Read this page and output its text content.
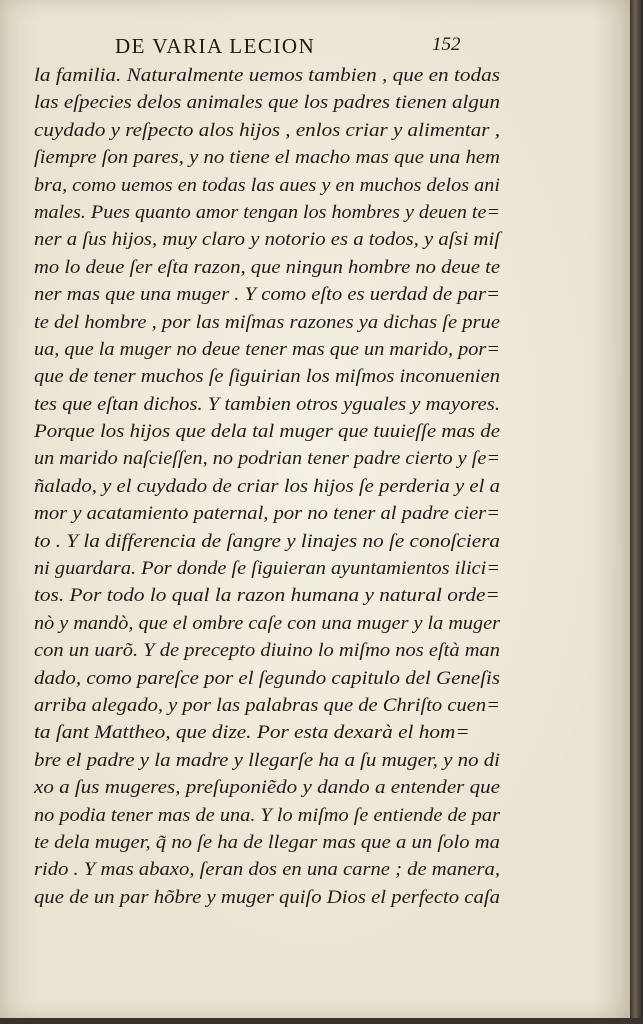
DE VARIA LECION	152
la familia. Naturalmente uemos tambien , que en todas
las eſpecies delos animales que los padres tienen algun
cuydado y reſpecto alos hijos , enlos criar y alimentar ,
ſiempre ſon pares, y no tiene el macho mas que una hem
bra, como uemos en todas las aues y en muchos delos ani
males. Pues quanto amor tengan los hombres y deuen te=
ner a ſus hijos, muy claro y notorio es a todos, y aſsi miſ
mo lo deue ſer eſta razon, que ningun hombre no deue te
ner mas que una muger . Y como eſto es uerdad de par=
te del hombre , por las miſmas razones ya dichas ſe prue
ua, que la muger no deue tener mas que un marido, por=
que de tener muchos ſe ſiguirian los miſmos inconuenien
tes que eſtan dichos. Y tambien otros yguales y mayores.
Porque los hijos que dela tal muger que tuuieſſe mas de
un marido naſcieſſen, no podrian tener padre cierto y ſe=
ñalado, y el cuydado de criar los hijos ſe perderia y el a
mor y acatamiento paternal, por no tener al padre cier=
to . Y la differencia de ſangre y linajes no ſe conoſciera
ni guardara. Por donde ſe ſiguieran ayuntamientos ilici=
tos. Por todo lo qual la razon humana y natural orde=
nò y mandò, que el ombre caſe con una muger y la muger
con un uarõ. Y de precepto diuino lo miſmo nos eſtà man
dado, como pareſce por el ſegundo capitulo del Geneſis
arriba alegado, y por las palabras que de Chriſto cuen=
ta ſant Mattheo, que dize. Por esta dexarà el hom=
bre el padre y la madre y llegarſe ha a ſu muger, y no di
xo a ſus mugeres, preſuponiẽdo y dando a entender que
no podia tener mas de una. Y lo miſmo ſe entiende de par
te dela muger, q̃ no ſe ha de llegar mas que a un ſolo ma
rido . Y mas abaxo, ſeran dos en una carne ; de manera,
que de un par hõbre y muger quiſo Dios el perfecto caſa
